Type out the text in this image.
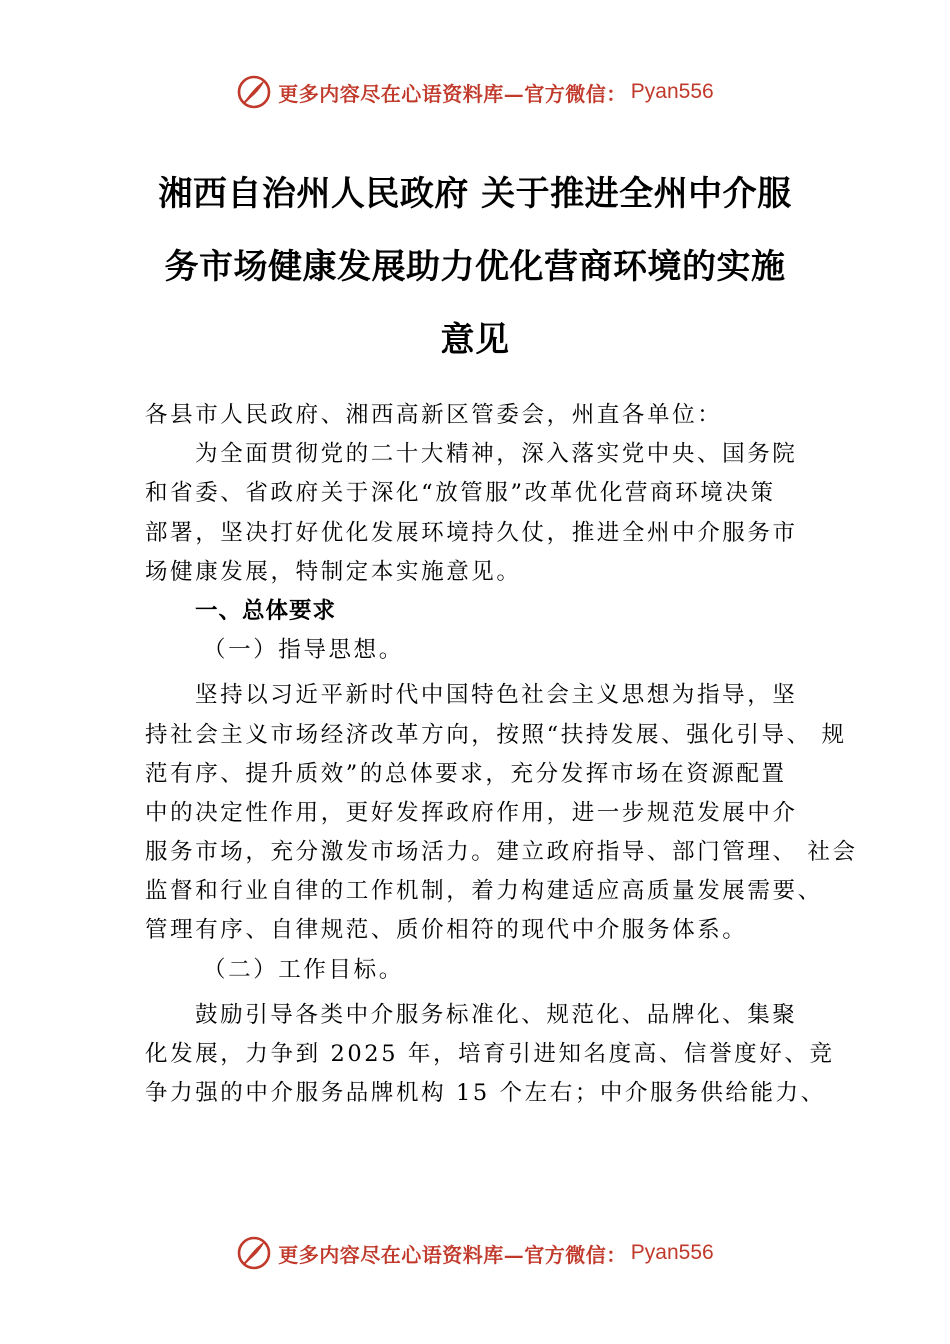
更多内容尽在心语资料库—官方微信： Pyan556
湘西自治州人民政府 关于推进全州中介服
务市场健康发展助力优化营商环境的实施
意见
各县市人民政府、湘西高新区管委会，州直各单位：
为全面贯彻党的二十大精神，深入落实党中央、国务院
和省委、省政府关于深化“放管服”改革优化营商环境决策
部署，坚决打好优化发展环境持久仗，推进全州中介服务市
场健康发展，特制定本实施意见。
一、总体要求
（一）指导思想。
坚持以习近平新时代中国特色社会主义思想为指导，坚
持社会主义市场经济改革方向，按照“扶持发展、强化引导、 规
范有序、提升质效”的总体要求，充分发挥市场在资源配置
中的决定性作用，更好发挥政府作用，进一步规范发展中介
服务市场，充分激发市场活力。建立政府指导、部门管理、 社会
监督和行业自律的工作机制，着力构建适应高质量发展需要、
管理有序、自律规范、质价相符的现代中介服务体系。
（二）工作目标。
鼓励引导各类中介服务标准化、规范化、品牌化、集聚
化发展，力争到 2025 年，培育引进知名度高、信誉度好、竞
争力强的中介服务品牌机构 15 个左右；中介服务供给能力、
更多内容尽在心语资料库—官方微信： Pyan556
